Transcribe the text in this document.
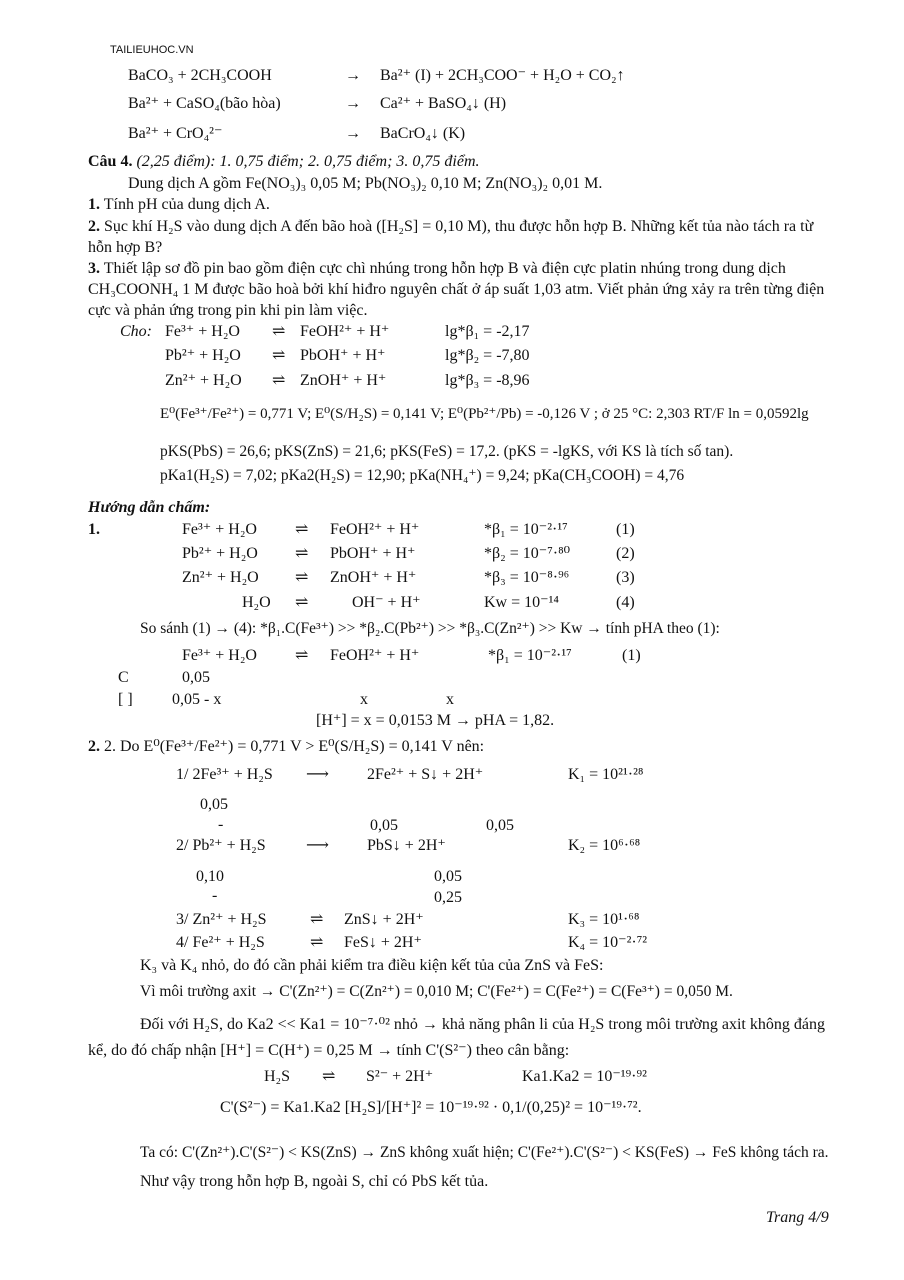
TAILIEUHOC.VN
BaCO₃ + 2CH₃COOH	→ Ba²⁺ (I) + 2CH₃COO⁻ + H₂O + CO₂↑
Ba²⁺ + CaSO₄(bão hòa)	→ Ca²⁺ + BaSO₄↓ (H)
Ba²⁺ + CrO₄²⁻	→ BaCrO₄↓ (K)
Câu 4. (2,25 điểm): 1. 0,75 điểm; 2. 0,75 điểm; 3. 0,75 điểm.
Dung dịch A gồm Fe(NO₃)₃ 0,05 M; Pb(NO₃)₂ 0,10 M; Zn(NO₃)₂ 0,01 M.
1. Tính pH của dung dịch A.
2. Sục khí H₂S vào dung dịch A đến bão hoà ([H₂S] = 0,10 M), thu được hỗn hợp B. Những kết tủa nào tách ra từ hỗn hợp B?
3. Thiết lập sơ đồ pin bao gồm điện cực chì nhúng trong hỗn hợp B và điện cực platin nhúng trong dung dịch CH₃COONH₄ 1 M được bão hoà bởi khí hiđro nguyên chất ở áp suất 1,03 atm. Viết phản ứng xảy ra trên từng điện cực và phản ứng trong pin khi pin làm việc.
Cho: Fe³⁺ + H₂O ⇌ FeOH²⁺ + H⁺	lg*β₁ = -2,17
Pb²⁺ + H₂O ⇌ PbOH⁺ + H⁺	lg*β₂ = -7,80
Zn²⁺ + H₂O ⇌ ZnOH⁺ + H⁺	lg*β₃ = -8,96
E⁰(Fe³⁺/Fe²⁺) = 0,771 V; E⁰(S/H₂S) = 0,141 V; E⁰(Pb²⁺/Pb) = -0,126 V ; ở 25 °C: 2,303 RT/F ln = 0,0592lg
pKS(PbS) = 26,6; pKS(ZnS) = 21,6; pKS(FeS) = 17,2. (pKS = -lgKS, với KS là tích số tan).
pKa1(H₂S) = 7,02; pKa2(H₂S) = 12,90; pKa(NH₄⁺) = 9,24; pKa(CH₃COOH) = 4,76
Hướng dẫn chấm:
1.	Fe³⁺ + H₂O ⇌ FeOH²⁺ + H⁺	*β₁ = 10⁻²·¹⁷	(1)
Pb²⁺ + H₂O ⇌ PbOH⁺ + H⁺	*β₂ = 10⁻⁷·⁸⁰	(2)
Zn²⁺ + H₂O ⇌ ZnOH⁺ + H⁺	*β₃ = 10⁻⁸·⁹⁶	(3)
H₂O ⇌	OH⁻ + H⁺	Kw = 10⁻¹⁴	(4)
So sánh (1) → (4): *β₁.C(Fe³⁺) >> *β₂.C(Pb²⁺) >> *β₃.C(Zn²⁺) >> Kw → tính pHA theo (1):
Fe³⁺ + H₂O ⇌ FeOH²⁺ + H⁺	*β₁ = 10⁻²·¹⁷	(1)
C	0,05
[ ] 0,05 - x	x	x
[H⁺] = x = 0,0153 M → pHA = 1,82.
2. 2. Do E⁰(Fe³⁺/Fe²⁺) = 0,771 V > E⁰(S/H₂S) = 0,141 V nên:
1/ 2Fe³⁺ + H₂S ⟶ 2Fe²⁺ + S↓ + 2H⁺	K₁ = 10²¹·²⁸
0,05
-	0,05	0,05
2/ Pb²⁺ + H₂S	⟶ PbS↓ + 2H⁺	K₂ = 10⁶·⁶⁸
0,10	0,05
-	0,25
3/ Zn²⁺ + H₂S	⇌ ZnS↓ + 2H⁺	K₃ = 10¹·⁶⁸
4/ Fe²⁺ + H₂S	⇌ FeS↓ + 2H⁺	K₄ = 10⁻²·⁷²
K₃ và K₄ nhỏ, do đó cần phải kiểm tra điều kiện kết tủa của ZnS và FeS:
Vì môi trường axit → C'(Zn²⁺) = C(Zn²⁺) = 0,010 M; C'(Fe²⁺) = C(Fe²⁺) = C(Fe³⁺) = 0,050 M.
Đối với H₂S, do Ka2 << Ka1 = 10⁻⁷·⁰² nhỏ → khả năng phân li của H₂S trong môi trường axit không đáng kể, do đó chấp nhận [H⁺] = C(H⁺) = 0,25 M → tính C'(S²⁻) theo cân bằng:
H₂S ⇌ S²⁻ + 2H⁺	Ka1.Ka2 = 10⁻¹⁹·⁹²
C'(S²⁻) = Ka1.Ka2 [H₂S]/[H⁺]² = 10⁻¹⁹·⁹² · 0,1/(0,25)² = 10⁻¹⁹·⁷².
Ta có: C'(Zn²⁺).C'(S²⁻) < KS(ZnS) → ZnS không xuất hiện; C'(Fe²⁺).C'(S²⁻) < KS(FeS) → FeS không tách ra.
Như vậy trong hỗn hợp B, ngoài S, chỉ có PbS kết tủa.
Trang 4/9
